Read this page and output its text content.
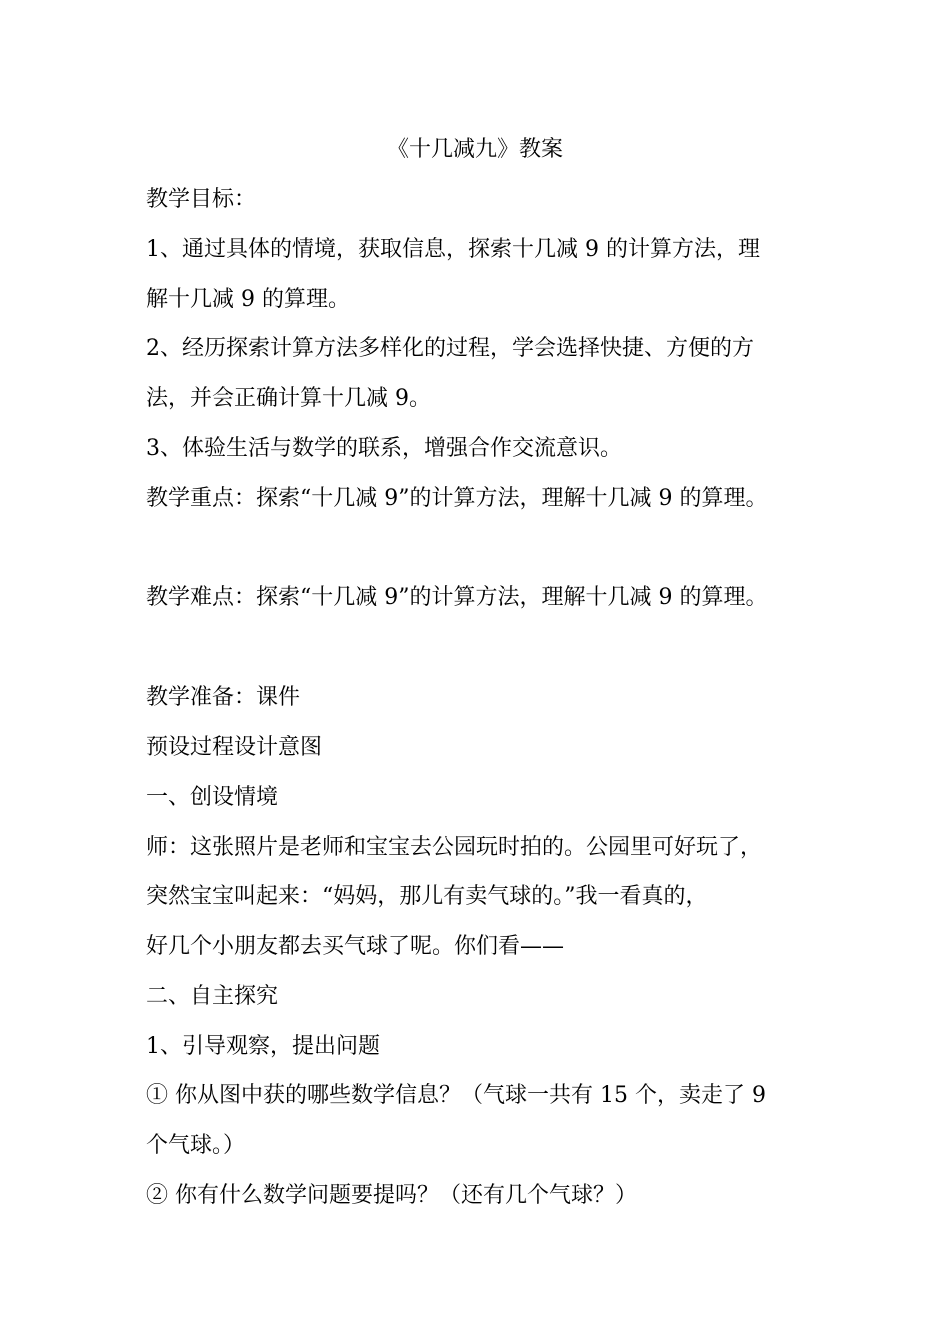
《十几减九》教案
教学目标：
1、通过具体的情境，获取信息，探索十几减 9 的计算方法，理
解十几减 9 的算理。
2、经历探索计算方法多样化的过程，学会选择快捷、方便的方
法，并会正确计算十几减 9。
3、体验生活与数学的联系，增强合作交流意识。
教学重点：探索“十几减 9”的计算方法，理解十几减 9 的算理。
教学难点：探索“十几减 9”的计算方法，理解十几减 9 的算理。
教学准备：课件
预设过程设计意图
一、创设情境
师：这张照片是老师和宝宝去公园玩时拍的。公园里可好玩了，
突然宝宝叫起来：“妈妈，那儿有卖气球的。”我一看真的，
好几个小朋友都去买气球了呢。你们看——
二、自主探究
1、引导观察，提出问题
① 你从图中获的哪些数学信息？（气球一共有 15 个，卖走了 9
个气球。）
② 你有什么数学问题要提吗？（还有几个气球？）
